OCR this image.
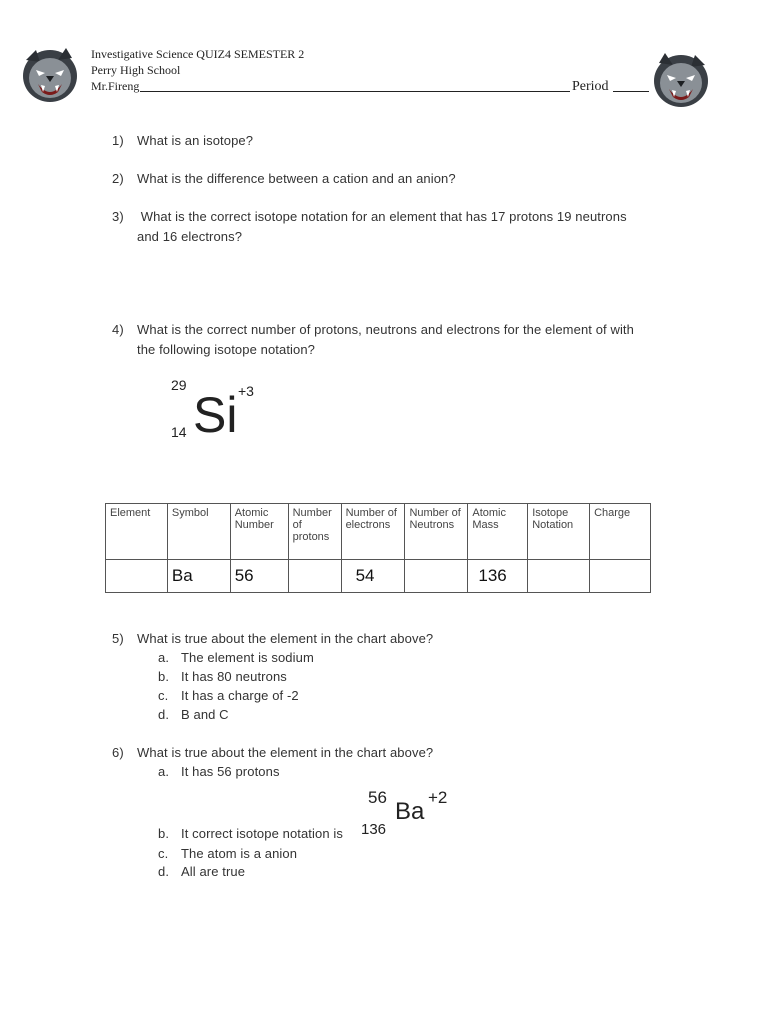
Investigative Science QUIZ4 SEMESTER 2
Perry High School
Mr.Fireng	Period
1) What is an isotope?
2) What is the difference between a cation and an anion?
3) What is the correct isotope notation for an element that has 17 protons 19 neutrons
and 16 electrons?
4) What is the correct number of protons, neutrons and electrons for the element of with
the following isotope notation?
29
14 Si +3
Element	Symbol	Atomic Number	Number of protons	Number of electrons	Number of Neutrons	Atomic Mass	Isotope Notation	Charge
	Ba	56		54		136		
5) What is true about the element in the chart above?
a. The element is sodium
b. It has 80 neutrons
c. It has a charge of -2
d. B and C
6) What is true about the element in the chart above?
a. It has 56 protons
56
136
Ba
+2
b. It correct isotope notation is
c. The atom is a anion
d. All are true
